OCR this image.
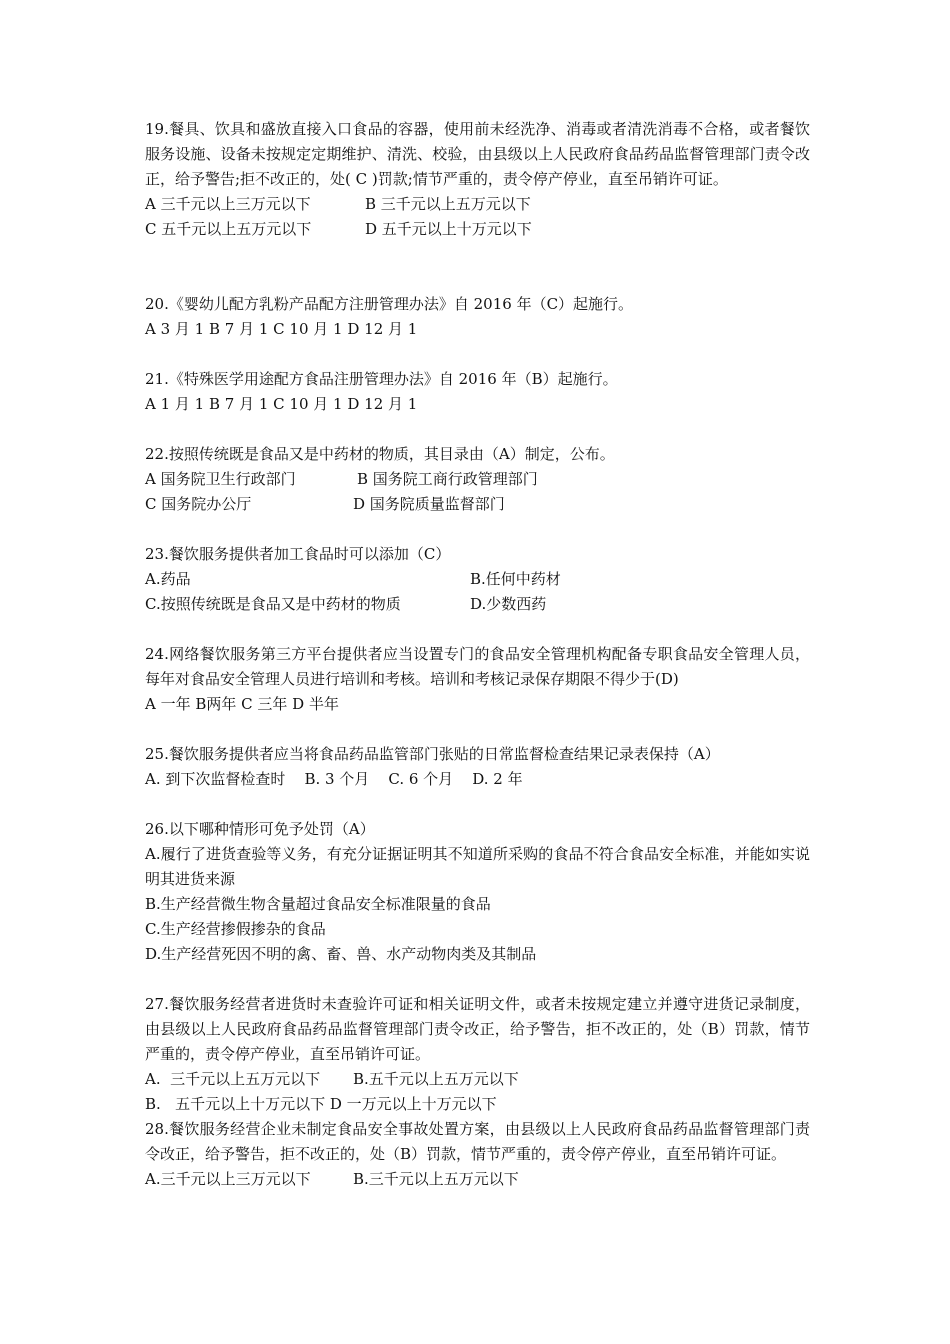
19.餐具、饮具和盛放直接入口食品的容器，使用前未经洗净、消毒或者清洗消毒不合格，或者餐饮服务设施、设备未按规定定期维护、清洗、校验，由县级以上人民政府食品药品监督管理部门责令改正，给予警告;拒不改正的，处( C )罚款;情节严重的，责令停产停业，直至吊销许可证。
A 三千元以上三万元以下	B 三千元以上五万元以下
C 五千元以上五万元以下	D 五千元以上十万元以下
20.《婴幼儿配方乳粉产品配方注册管理办法》自 2016 年（C）起施行。
A 3 月 1 B 7 月 1 C 10 月 1 D 12 月 1
21.《特殊医学用途配方食品注册管理办法》自 2016 年（B）起施行。
A 1 月 1 B 7 月 1 C 10 月 1 D 12 月 1
22.按照传统既是食品又是中药材的物质，其目录由（A）制定，公布。
A 国务院卫生行政部门	B 国务院工商行政管理部门
C 国务院办公厅	D 国务院质量监督部门
23.餐饮服务提供者加工食品时可以添加（C）
A.药品	B.任何中药材
C.按照传统既是食品又是中药材的物质	D.少数西药
24.网络餐饮服务第三方平台提供者应当设置专门的食品安全管理机构配备专职食品安全管理人员，每年对食品安全管理人员进行培训和考核。培训和考核记录保存期限不得少于(D)
A 一年 B两年 C 三年 D 半年
25.餐饮服务提供者应当将食品药品监管部门张贴的日常监督检查结果记录表保持（A）
A. 到下次监督检查时    B. 3 个月    C. 6 个月    D. 2 年
26.以下哪种情形可免予处罚（A）
A.履行了进货查验等义务，有充分证据证明其不知道所采购的食品不符合食品安全标准，并能如实说明其进货来源
B.生产经营微生物含量超过食品安全标准限量的食品
C.生产经营掺假掺杂的食品
D.生产经营死因不明的禽、畜、兽、水产动物肉类及其制品
27.餐饮服务经营者进货时未查验许可证和相关证明文件，或者未按规定建立并遵守进货记录制度，由县级以上人民政府食品药品监督管理部门责令改正，给予警告，拒不改正的，处（B）罚款，情节严重的，责令停产停业，直至吊销许可证。
A.  三千元以上五万元以下 B.五千元以上五万元以下
B.   五千元以上十万元以下 D 一万元以上十万元以下
28.餐饮服务经营企业未制定食品安全事故处置方案，由县级以上人民政府食品药品监督管理部门责令改正，给予警告，拒不改正的，处（B）罚款，情节严重的，责令停产停业，直至吊销许可证。
A.三千元以上三万元以下	B.三千元以上五万元以下
